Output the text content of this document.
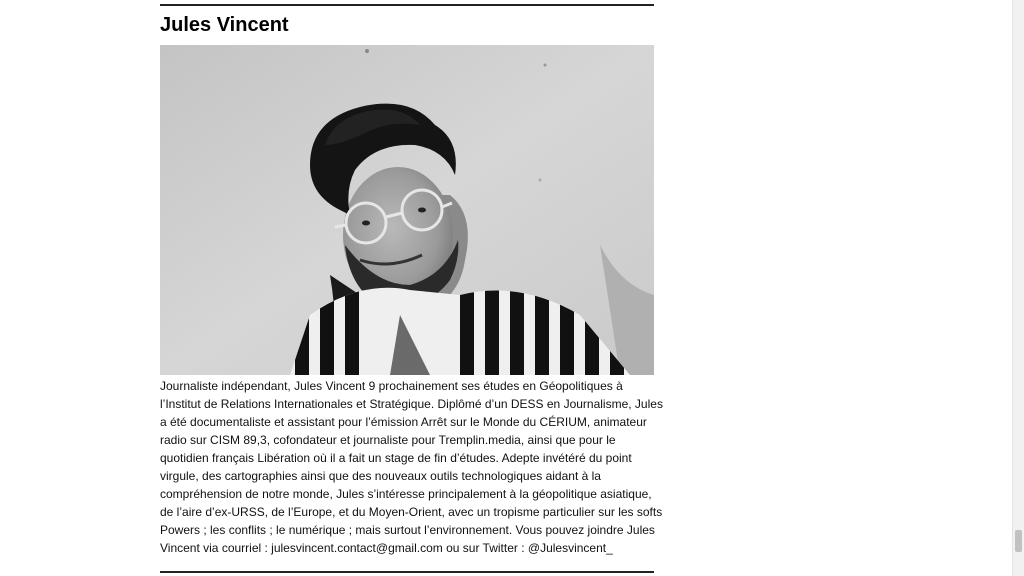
Jules Vincent

Journaliste indépendant, Jules Vincent 9 prochainement ses études en Géopolitiques à
l’Institut de Relations Internationales et Stratégique. Diplômé d’un DESS en Journalisme, Jules
a été documentaliste et assistant pour l’émission Arrêt sur le Monde du CÉRIUM, animateur
radio sur CISM 89,3, cofondateur et journaliste pour Tremplin.media, ainsi que pour le
quotidien français Libération où il a fait un stage de fin d’études. Adepte invétéré du point
virgule, des cartographies ainsi que des nouveaux outils technologiques aidant à la
compréhension de notre monde, Jules s’intéresse principalement à la géopolitique asiatique,
de l’aire d’ex-URSS, de l’Europe, et du Moyen-Orient, avec un tropisme particulier sur les softs
Powers ; les conflits ; le numérique ; mais surtout l’environnement. Vous pouvez joindre Jules
Vincent via courriel : julesvincent.contact@gmail.com ou sur Twitter : @Julesvincent_
